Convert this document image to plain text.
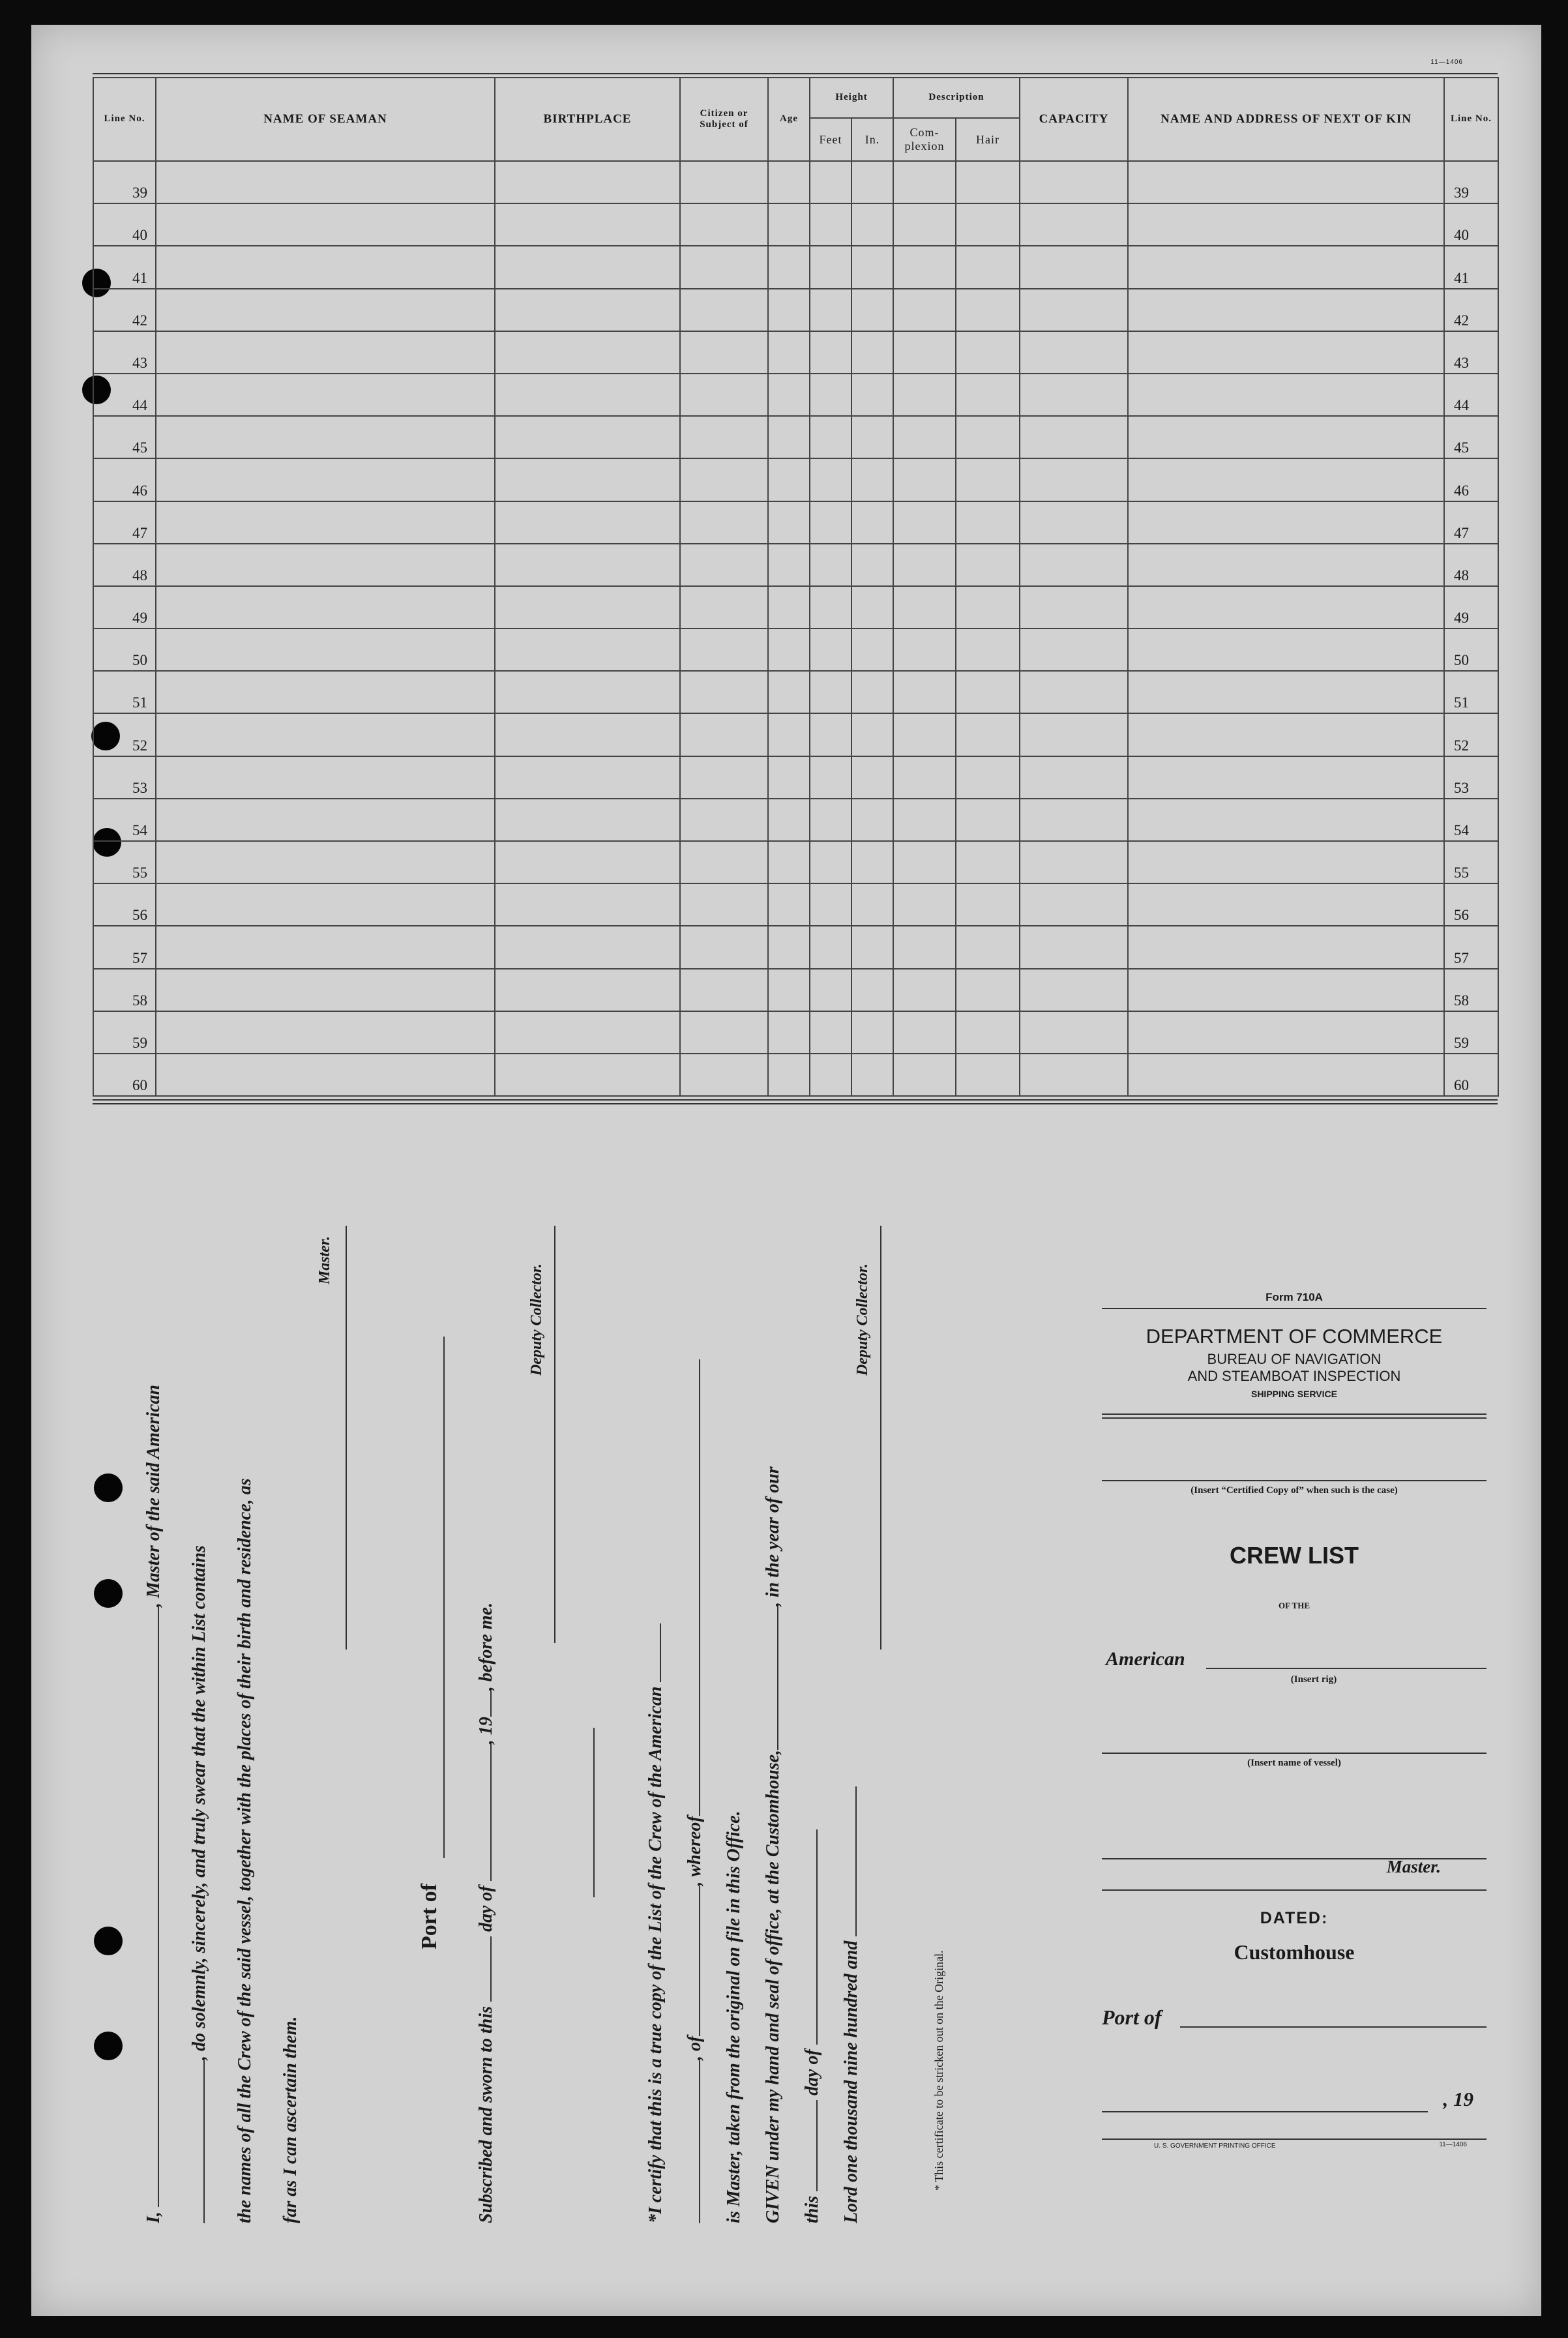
11—1406
Line No.	NAME OF SEAMAN	BIRTHPLACE	Citizen or Subject of	Age	Height		Description		CAPACITY	NAME AND ADDRESS OF NEXT OF KIN	Line No.
					Feet	In.	Com- plexion	Hair			
39											39
40											40
41											41
42											42
43											43
44											44
45											45
46											46
47											47
48											48
49											49
50											50
51											51
52											52
53											53
54											54
55											55
56											56
57											57
58											58
59											59
60											60
I, , Master of the said American
, do solemnly, sincerely, and truly swear that the within List contains the names of all the Crew of the said vessel, together with the places of their birth and residence, as far as I can ascertain them.
Master.
Port of
Subscribed and sworn to this  day of , 19, before me.
Deputy Collector.
*I certify that this is a true copy of the List of the Crew of the American , of, whereof is Master, taken from the original on file in this Office. GIVEN under my hand and seal of office, at the Customhouse,, in the year of our
this  day of Lord one thousand nine hundred and
Deputy Collector.
* This certificate to be stricken out on the Original.
Form 710A
DEPARTMENT OF COMMERCE
BUREAU OF NAVIGATION
AND STEAMBOAT INSPECTION
SHIPPING SERVICE
(Insert “Certified Copy of” when such is the case)
CREW LIST
OF THE
American
(Insert rig)
(Insert name of vessel)
Master.
DATED:
Customhouse
Port of
, 19
U. S. GOVERNMENT PRINTING OFFICE	11—1406
